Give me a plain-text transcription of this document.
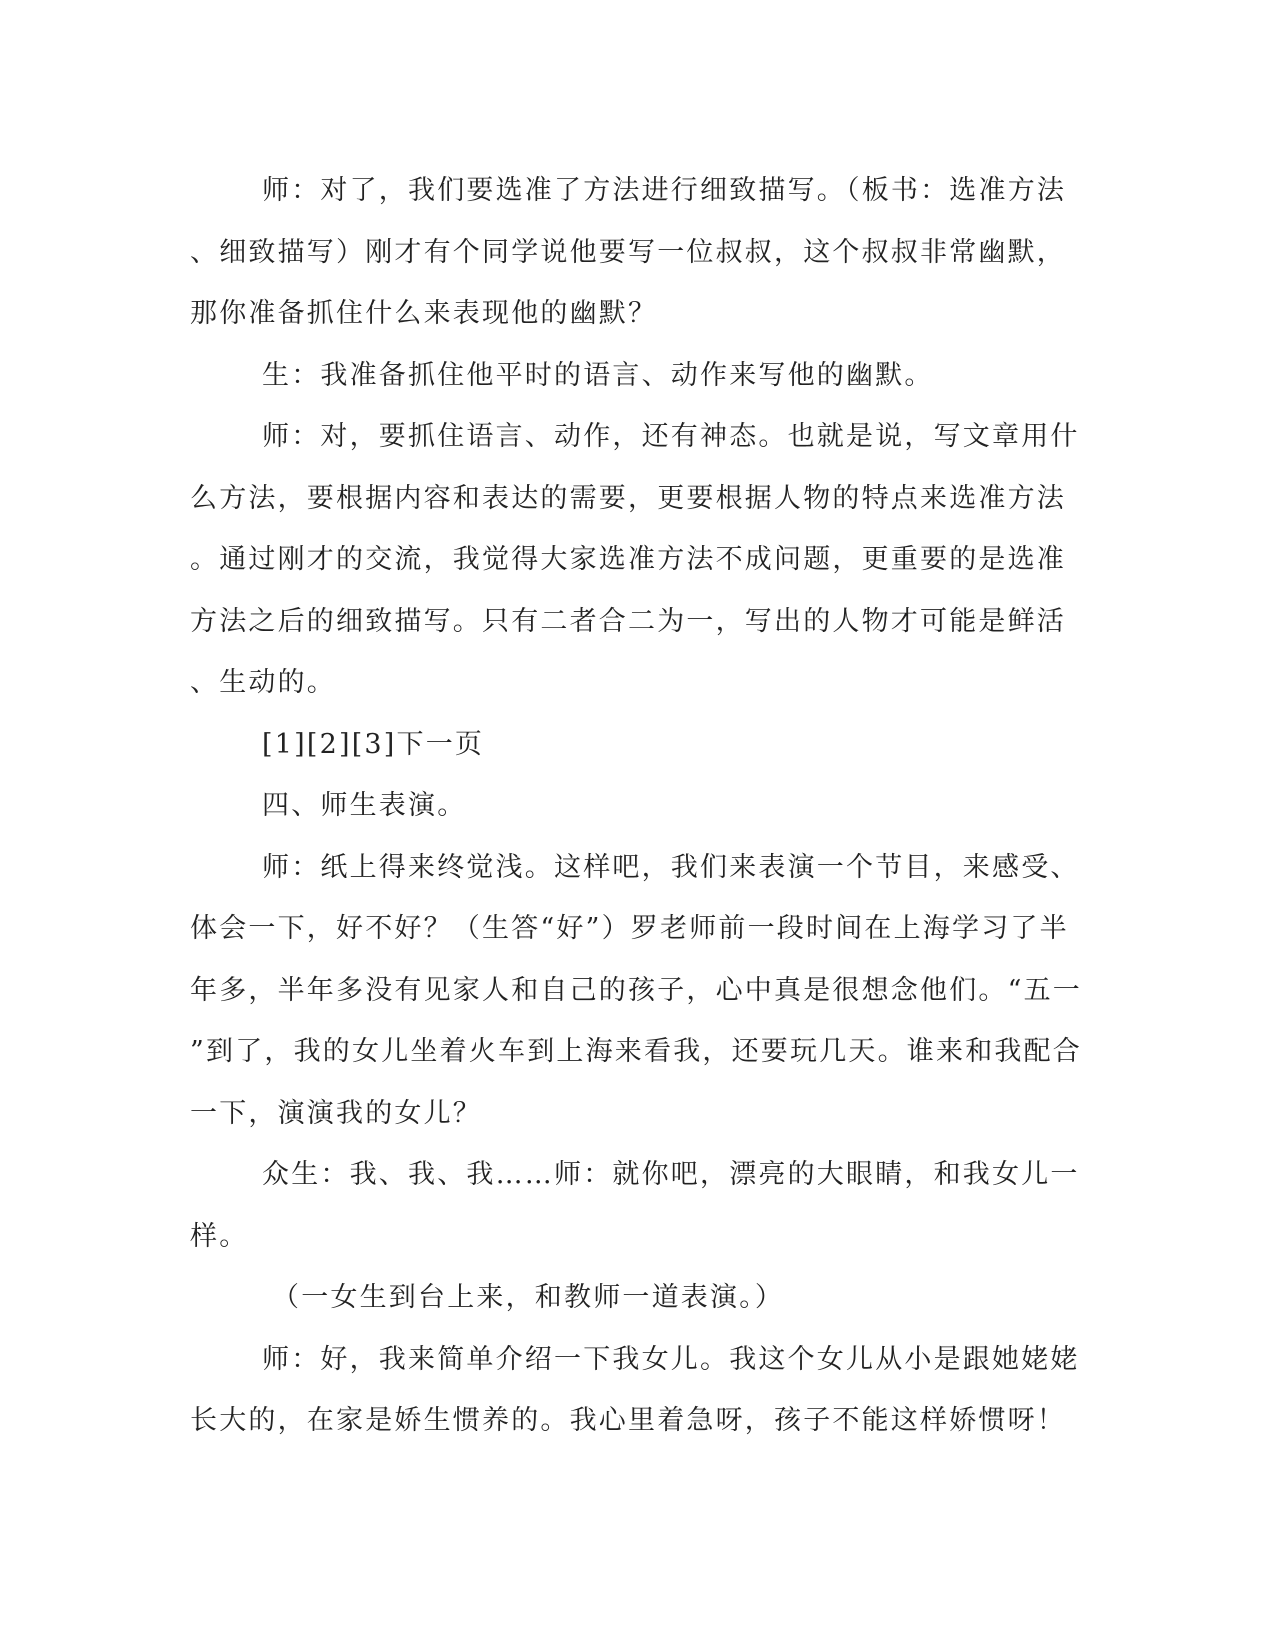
师：对了，我们要选准了方法进行细致描写。（板书：选准方法

、细致描写）刚才有个同学说他要写一位叔叔，这个叔叔非常幽默，

那你准备抓住什么来表现他的幽默？

生：我准备抓住他平时的语言、动作来写他的幽默。

师：对，要抓住语言、动作，还有神态。也就是说，写文章用什

么方法，要根据内容和表达的需要，更要根据人物的特点来选准方法

。通过刚才的交流，我觉得大家选准方法不成问题，更重要的是选准

方法之后的细致描写。只有二者合二为一，写出的人物才可能是鲜活

、生动的。

[1][2][3]下一页

四、师生表演。

师：纸上得来终觉浅。这样吧，我们来表演一个节目，来感受、

体会一下，好不好？（生答“好”）罗老师前一段时间在上海学习了半

年多，半年多没有见家人和自己的孩子，心中真是很想念他们。“五一

”到了，我的女儿坐着火车到上海来看我，还要玩几天。谁来和我配合

一下，演演我的女儿？

众生：我、我、我……师：就你吧，漂亮的大眼睛，和我女儿一

样。

（一女生到台上来，和教师一道表演。）

师：好，我来简单介绍一下我女儿。我这个女儿从小是跟她姥姥

长大的，在家是娇生惯养的。我心里着急呀，孩子不能这样娇惯呀！
